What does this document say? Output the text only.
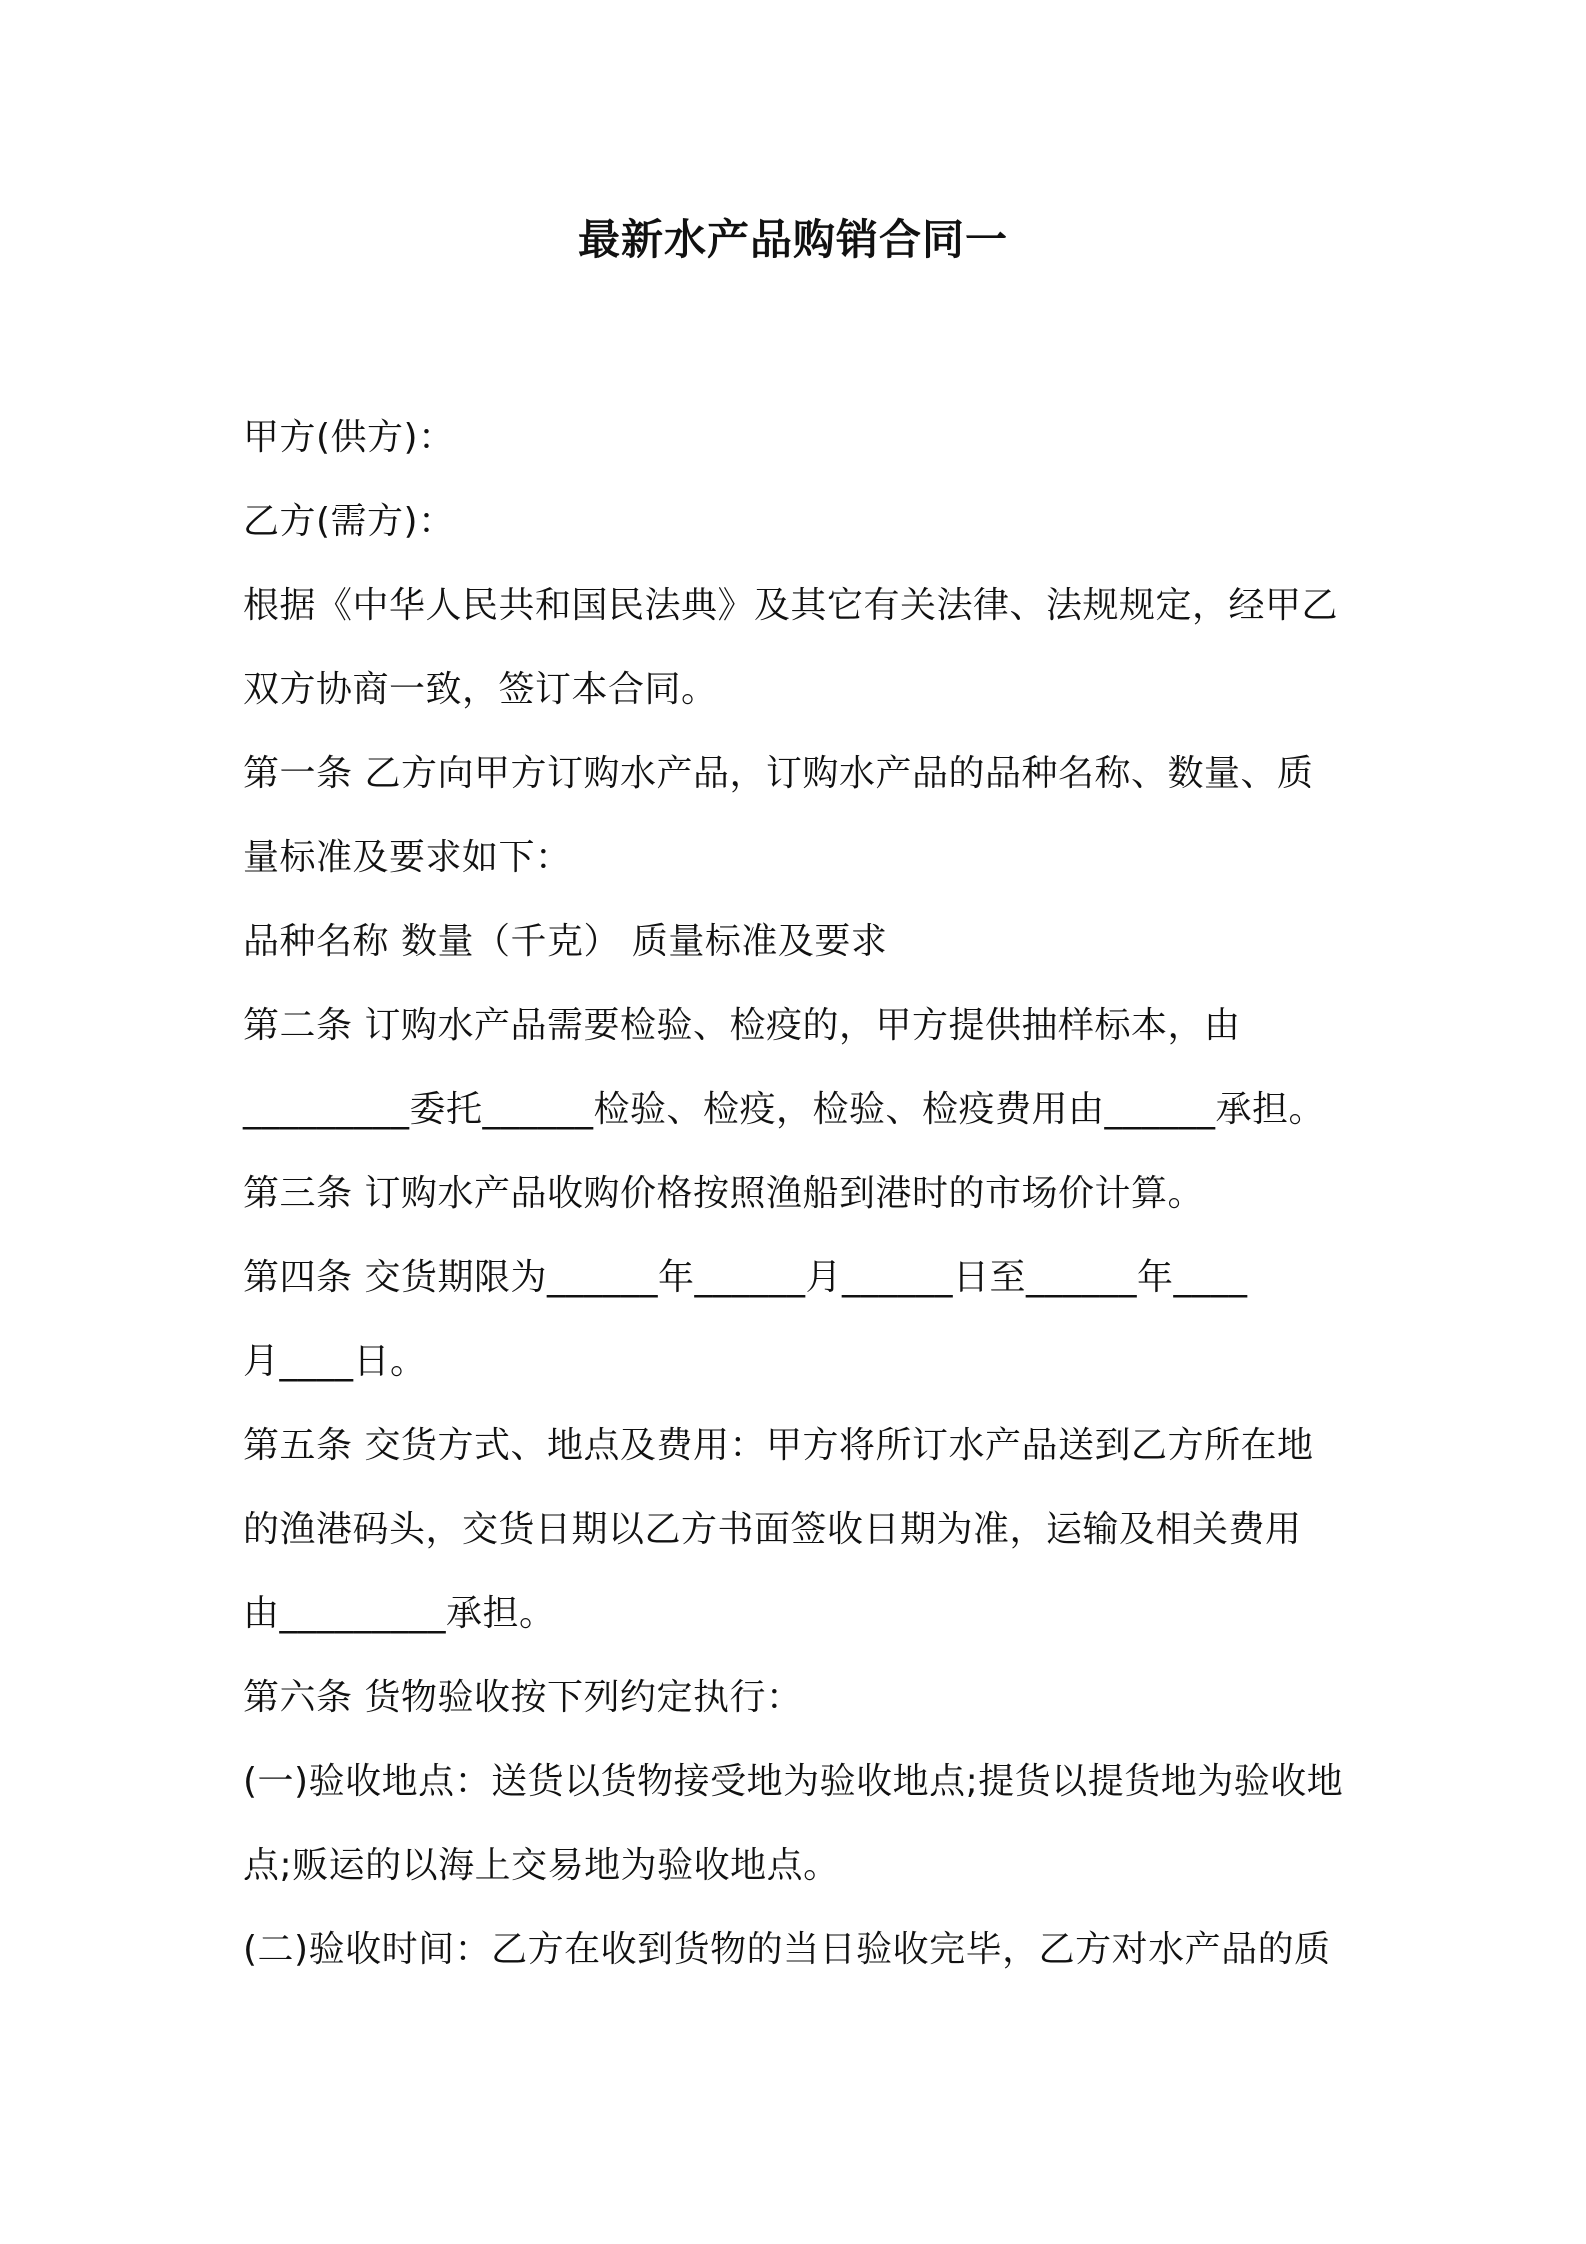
最新水产品购销合同一
甲方(供方)：
乙方(需方)：
根据《中华人民共和国民法典》及其它有关法律、法规规定，经甲乙
双方协商一致，签订本合同。
第一条 乙方向甲方订购水产品，订购水产品的品种名称、数量、质
量标准及要求如下：
品种名称 数量（千克） 质量标准及要求
第二条 订购水产品需要检验、检疫的，甲方提供抽样标本，由
_________委托______检验、检疫，检验、检疫费用由______承担。
第三条 订购水产品收购价格按照渔船到港时的市场价计算。
第四条 交货期限为______年______月______日至______年____
月____日。
第五条 交货方式、地点及费用：甲方将所订水产品送到乙方所在地
的渔港码头，交货日期以乙方书面签收日期为准，运输及相关费用
由_________承担。
第六条 货物验收按下列约定执行：
(一)验收地点：送货以货物接受地为验收地点;提货以提货地为验收地
点;贩运的以海上交易地为验收地点。
(二)验收时间：乙方在收到货物的当日验收完毕，乙方对水产品的质
